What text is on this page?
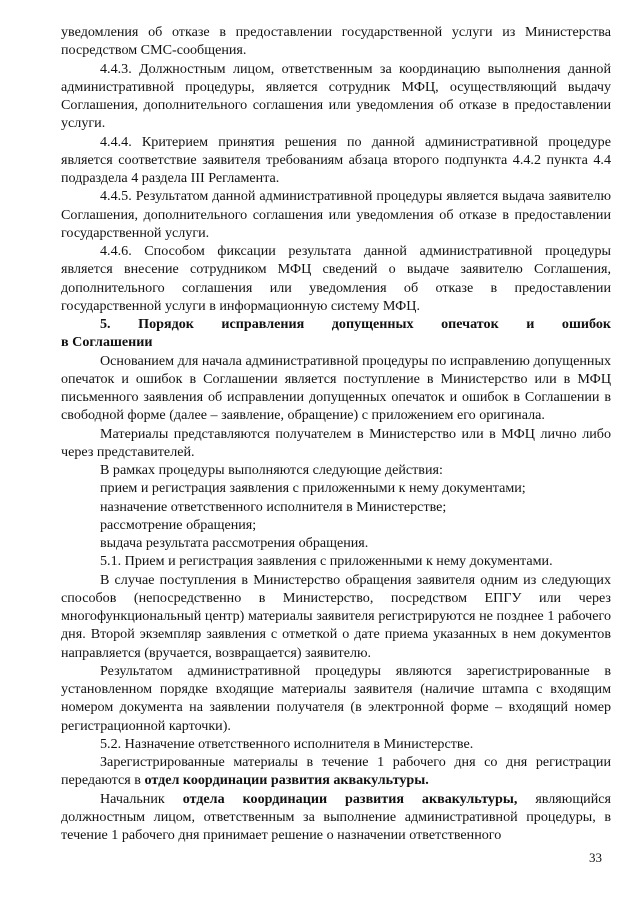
уведомления об отказе в предоставлении государственной услуги из Министерства посредством СМС-сообщения.

4.4.3. Должностным лицом, ответственным за координацию выполнения данной административной процедуры, является сотрудник МФЦ, осуществляющий выдачу Соглашения, дополнительного соглашения или уведомления об отказе в предоставлении услуги.

4.4.4. Критерием принятия решения по данной административной процедуре является соответствие заявителя требованиям абзаца второго подпункта 4.4.2 пункта 4.4 подраздела 4 раздела III Регламента.

4.4.5. Результатом данной административной процедуры является выдача заявителю Соглашения, дополнительного соглашения или уведомления об отказе в предоставлении государственной услуги.

4.4.6. Способом фиксации результата данной административной процедуры является внесение сотрудником МФЦ сведений о выдаче заявителю Соглашения, дополнительного соглашения или уведомления об отказе в предоставлении государственной услуги в информационную систему МФЦ.

5. Порядок исправления допущенных опечаток и ошибок

в Соглашении

Основанием для начала административной процедуры по исправлению допущенных опечаток и ошибок в Соглашении является поступление в Министерство или в МФЦ письменного заявления об исправлении допущенных опечаток и ошибок в Соглашении в свободной форме (далее – заявление, обращение) с приложением его оригинала.

Материалы представляются получателем в Министерство или в МФЦ лично либо через представителей.

В рамках процедуры выполняются следующие действия:

прием и регистрация заявления с приложенными к нему документами;

назначение ответственного исполнителя в Министерстве;

рассмотрение обращения;

выдача результата рассмотрения обращения.

5.1. Прием и регистрация заявления с приложенными к нему документами.

В случае поступления в Министерство обращения заявителя одним из следующих способов (непосредственно в Министерство, посредством ЕПГУ или через многофункциональный центр) материалы заявителя регистрируются не позднее 1 рабочего дня. Второй экземпляр заявления с отметкой о дате приема указанных в нем документов направляется (вручается, возвращается) заявителю.

Результатом административной процедуры являются зарегистрированные в установленном порядке входящие материалы заявителя (наличие штампа с входящим номером документа на заявлении получателя (в электронной форме – входящий номер регистрационной карточки).

5.2. Назначение ответственного исполнителя в Министерстве.

Зарегистрированные материалы в течение 1 рабочего дня со дня регистрации передаются в отдел координации развития аквакультуры.

Начальник отдела координации развития аквакультуры, являющийся должностным лицом, ответственным за выполнение административной процедуры, в течение 1 рабочего дня принимает решение о назначении ответственного

33
